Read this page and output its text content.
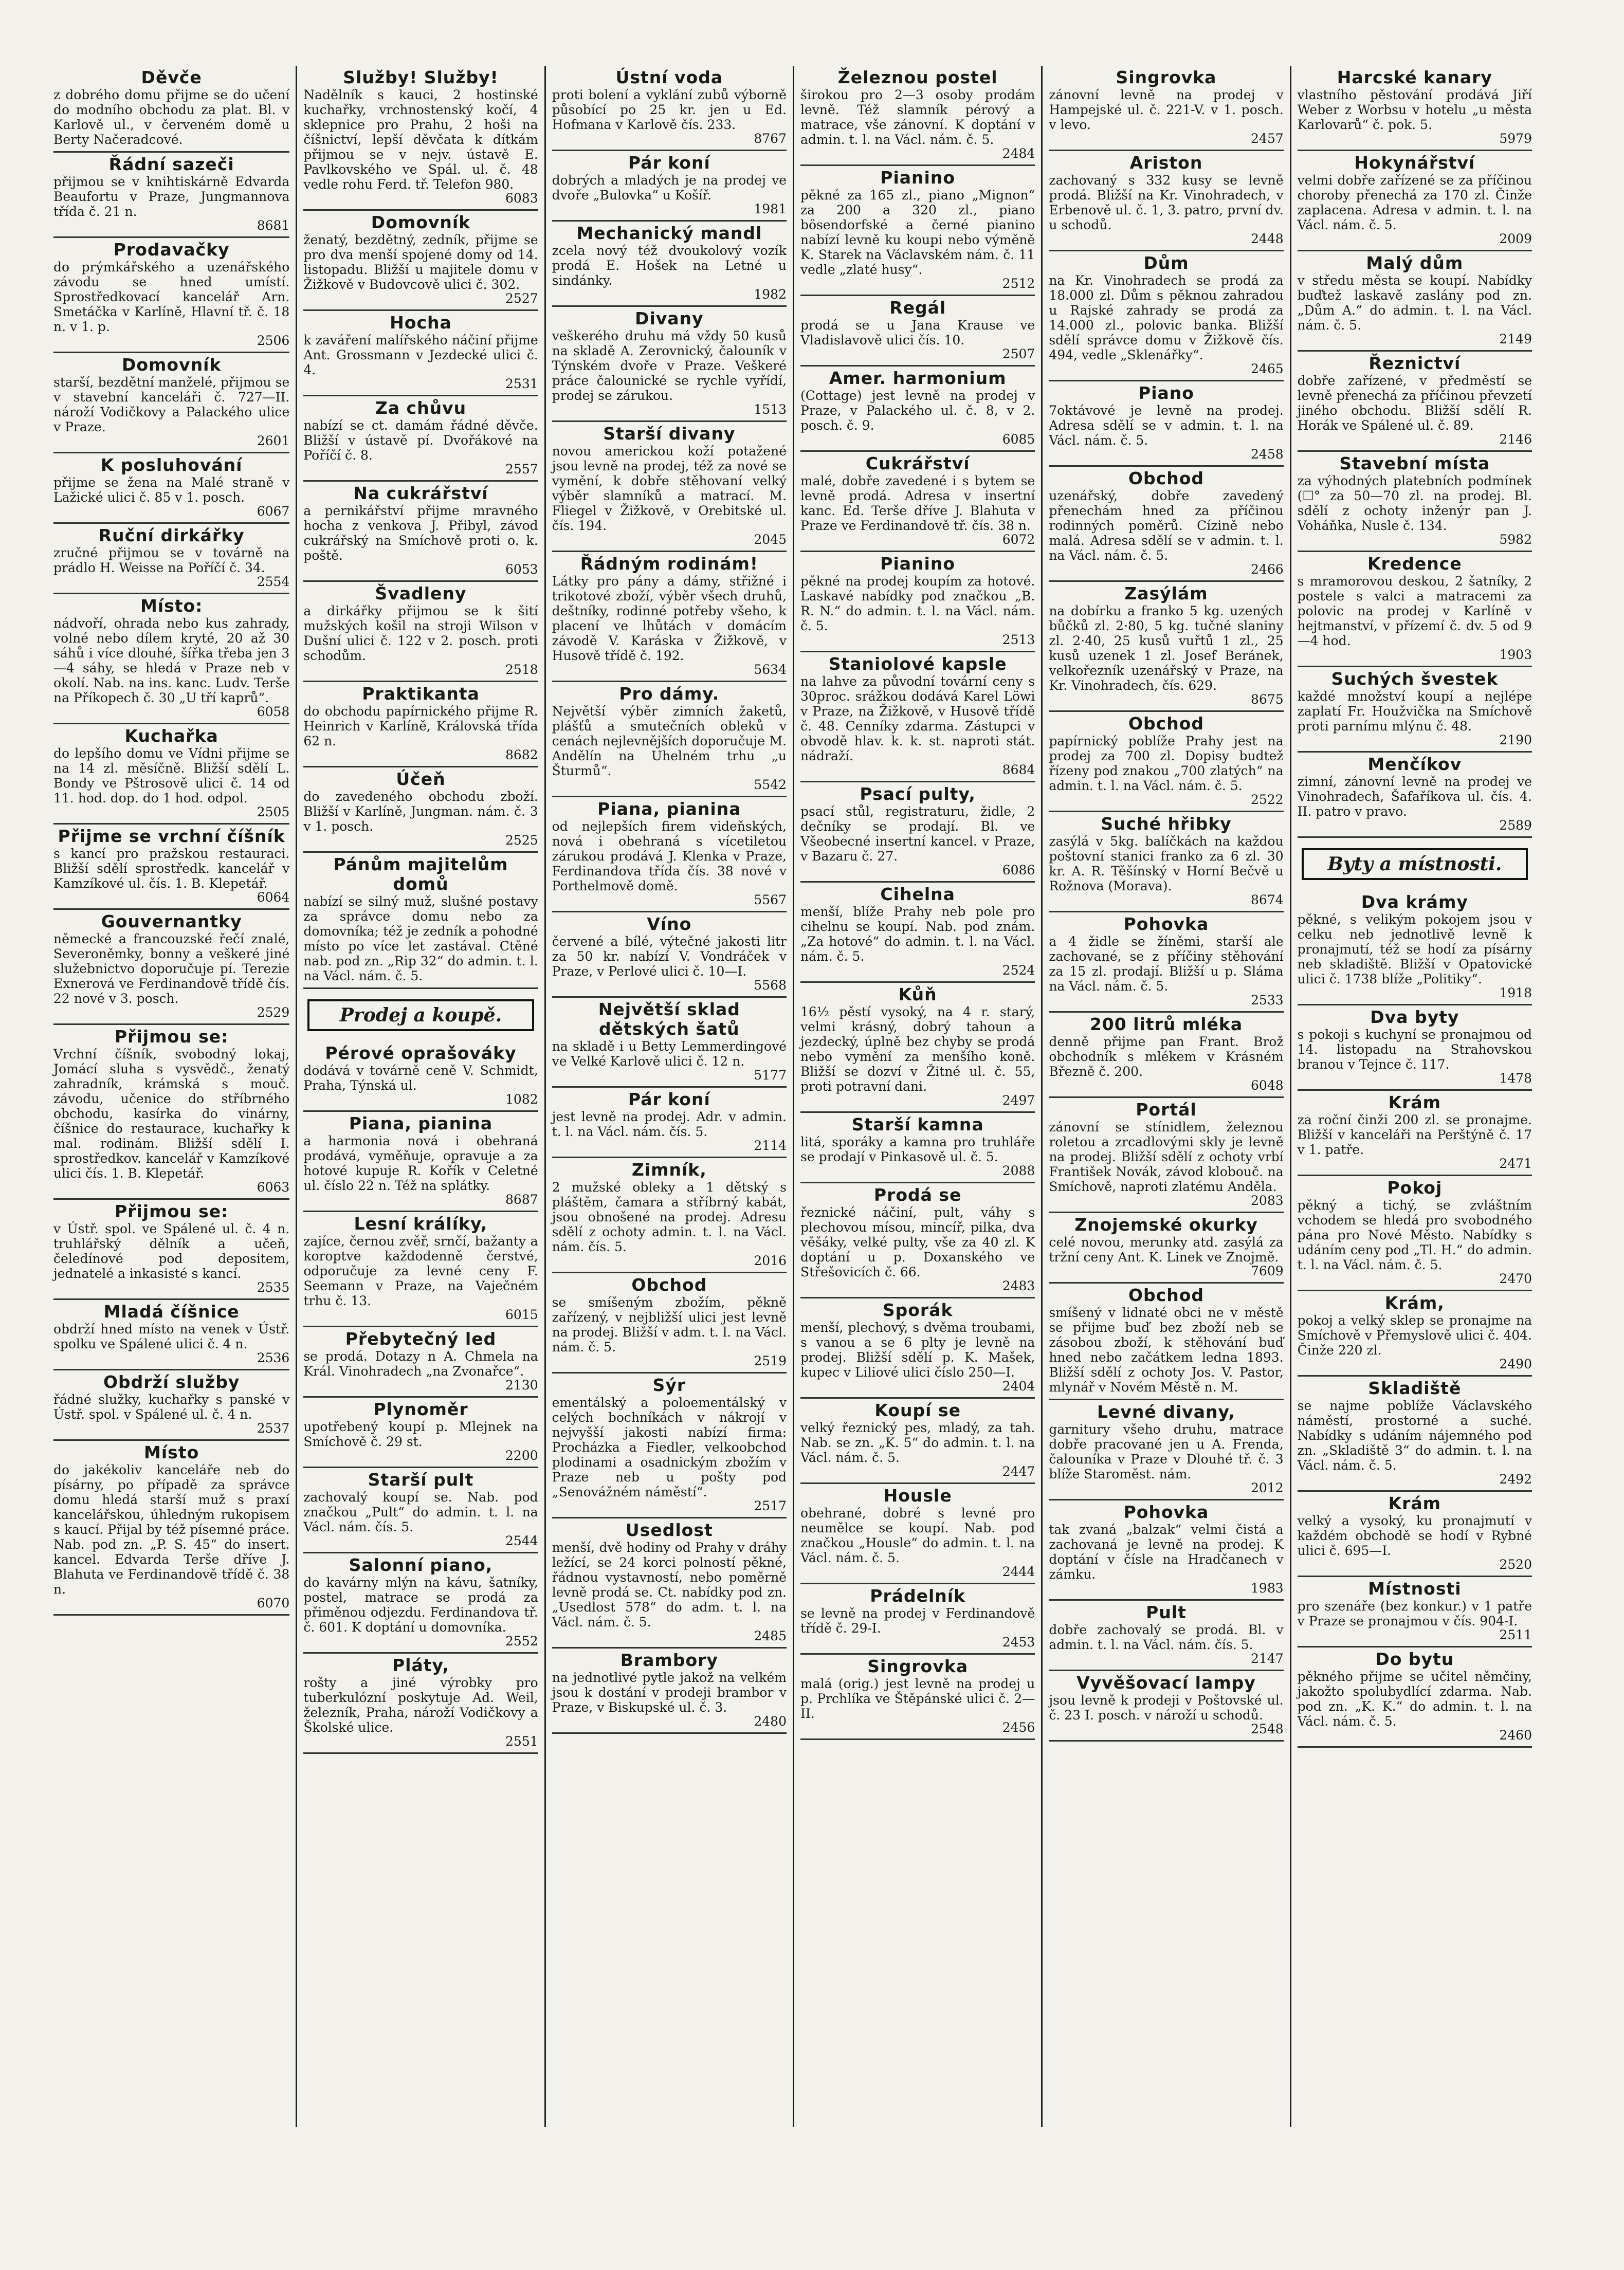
Děvče
z dobrého domu přijme se do učení do modního obchodu za plat. Bl. v Karlově ul., v červeném domě u Berty Načeradcové.
Řádní sazeči
přijmou se v knihtiskárně Edvarda Beaufortu v Praze, Jungmannova třída č. 21 n.
8681
Prodavačky
do prýmkářského a uzenářského závodu se hned umístí. Sprostředkovací kancelář Arn. Smetáčka v Karlíně, Hlavní tř. č. 18 n. v 1. p.
2506
Domovník
starší, bezdětní manželé, přijmou se v stavební kanceláři č. 727—II. nároží Vodičkovy a Palackého ulice v Praze.
2601
K posluhování
přijme se žena na Malé straně v Lažické ulici č. 85 v 1. posch.
6067
Ruční dirkářky
zručné přijmou se v továrně na prádlo H. Weisse na Poříčí č. 34.
2554
Místo:
nádvoří, ohrada nebo kus zahrady, volné nebo dílem kryté, 20 až 30 sáhů i více dlouhé, šířka třeba jen 3—4 sáhy, se hledá v Praze neb v okolí. Nab. na ins. kanc. Ludv. Terše na Příkopech č. 30 „U tří kaprů“.
6058
Kuchařka
do lepšího domu ve Vídni přijme se na 14 zl. měsíčně. Bližší sdělí L. Bondy ve Pštrosově ulici č. 14 od 11. hod. dop. do 1 hod. odpol.
2505
Přijme se vrchní číšník
s kancí pro pražskou restauraci. Bližší sdělí sprostředk. kancelář v Kamzíkové ul. čís. 1. B. Klepetář.
6064
Gouvernantky
německé a francouzské řečí znalé, Severoněmky, bonny a veškeré jiné služebnictvo doporučuje pí. Terezie Exnerová ve Ferdinandově třídě čís. 22 nové v 3. posch.
2529
Přijmou se:
Vrchní číšník, svobodný lokaj, Jomácí sluha s vysvědč., ženatý zahradník, krámská s mouč. závodu, učenice do stříbrného obchodu, kasírka do vinárny, číšnice do restaurace, kuchařky k mal. rodinám. Bližší sdělí I. sprostředkov. kancelář v Kamzíkové ulici čís. 1. B. Klepetář.
6063
Přijmou se:
v Ústř. spol. ve Spálené ul. č. 4 n. truhlářský dělník a učeň, čeledínové pod depositem, jednatelé a inkasisté s kancí.
2535
Mladá číšnice
obdrží hned místo na venek v Ústř. spolku ve Spálené ulici č. 4 n.
2536
Obdrží služby
řádné služky, kuchařky s panské v Ústř. spol. v Spálené ul. č. 4 n.
2537
Místo
do jakékoliv kanceláře neb do písárny, po případě za správce domu hledá starší muž s praxí kancelářskou, úhledným rukopisem s kaucí. Přijal by též písemné práce. Nab. pod zn. „P. S. 45“ do insert. kancel. Edvarda Terše dříve J. Blahuta ve Ferdinandově třídě č. 38 n.
6070
Služby! Služby!
Nadělník s kauci, 2 hostinské kuchařky, vrchnostenský kočí, 4 sklepnice pro Prahu, 2 hoši na číšnictví, lepší děvčata k dítkám přijmou se v nejv. ústavě E. Pavlkovského ve Spál. ul. č. 48 vedle rohu Ferd. tř. Telefon 980.
6083
Domovník
ženatý, bezdětný, zedník, přijme se pro dva menší spojené domy od 14. listopadu. Bližší u majitele domu v Žižkově v Budovcově ulici č. 302.
2527
Hocha
k zaváření malířského náčiní přijme Ant. Grossmann v Jezdecké ulici č. 4.
2531
Za chůvu
nabízí se ct. damám řádné děvče. Bližší v ústavě pí. Dvořákové na Poříčí č. 8.
2557
Na cukrářství
a pernikářství přijme mravného hocha z venkova J. Přibyl, závod cukrářský na Smíchově proti o. k. poště.
6053
Švadleny
a dirkářky přijmou se k šití mužských košil na stroji Wilson v Dušní ulici č. 122 v 2. posch. proti schodům.
2518
Praktikanta
do obchodu papírnického přijme R. Heinrich v Karlíně, Královská třída 62 n.
8682
Účeň
do zavedeného obchodu zboží. Bližší v Karlíně, Jungman. nám. č. 3 v 1. posch.
2525
Pánům majitelům domů
nabízí se silný muž, slušné postavy za správce domu nebo za domovníka; též je zedník a pohodné místo po více let zastával. Ctěné nab. pod zn. „Rip 32“ do admin. t. l. na Václ. nám. č. 5.
Prodej a koupě.
Pérové oprašováky
dodává v továrně ceně V. Schmidt, Praha, Týnská ul.
1082
Piana, pianina
a harmonia nová i obehraná prodává, vyměňuje, opravuje a za hotové kupuje R. Kořík v Celetné ul. číslo 22 n. Též na splátky.
8687
Lesní králíky,
zajíce, černou zvěř, srnčí, bažanty a koroptve každodenně čerstvé, odporučuje za levné ceny F. Seemann v Praze, na Vaječném trhu č. 13.
6015
Přebytečný led
se prodá. Dotazy n A. Chmela na Král. Vinohradech „na Zvonařce“.
2130
Plynoměr
upotřebený koupí p. Mlejnek na Smíchově č. 29 st.
2200
Starší pult
zachovalý koupí se. Nab. pod značkou „Pult“ do admin. t. l. na Václ. nám. čís. 5.
2544
Salonní piano,
do kavárny mlýn na kávu, šatníky, postel, matrace se prodá za přiměnou odjezdu. Ferdinandova tř. č. 601. K doptání u domovníka.
2552
Pláty,
rošty a jiné výrobky pro tuberkulózní poskytuje Ad. Weil, železník, Praha, nároží Vodičkovy a Školské ulice.
2551
Ústní voda
proti bolení a vyklání zubů výborně působící po 25 kr. jen u Ed. Hofmana v Karlově čís. 233.
8767
Pár koní
dobrých a mladých je na prodej ve dvoře „Bulovka“ u Košíř.
1981
Mechanický mandl
zcela nový též dvoukolový vozík prodá E. Hošek na Letné u sindánky.
1982
Divany
veškerého druhu má vždy 50 kusů na skladě A. Zerovnický, čalouník v Týnském dvoře v Praze. Veškeré práce čalounické se rychle vyřídí, prodej se zárukou.
1513
Starší divany
novou americkou koží potažené jsou levně na prodej, též za nové se vymění, k dobře stěhovaní velký výběr slamníků a matrací. M. Fliegel v Žižkově, v Orebitské ul. čís. 194.
2045
Řádným rodinám!
Látky pro pány a dámy, střižné i trikotové zboží, výběr všech druhů, deštníky, rodinné potřeby všeho, k placení ve lhůtách v domácím závodě V. Karáska v Žižkově, v Husově třídě č. 192.
5634
Pro dámy.
Největší výběr zimních žaketů, plášťů a smutečních obleků v cenách nejlevnějších doporučuje M. Andělín na Uhelném trhu „u Šturmů“.
5542
Piana, pianina
od nejlepších firem videňských, nová i obehraná s vícetiletou zárukou prodává J. Klenka v Praze, Ferdinandova třída čís. 38 nové v Porthelmově domě.
5567
Víno
červené a bílé, výtečné jakosti litr za 50 kr. nabízí V. Vondráček v Praze, v Perlové ulici č. 10—I.
5568
Největší sklad dětských šatů
na skladě i u Betty Lemmerdingové ve Velké Karlově ulici č. 12 n.
5177
Pár koní
jest levně na prodej. Adr. v admin. t. l. na Václ. nám. čís. 5.
2114
Zimník,
2 mužské obleky a 1 dětský s pláštěm, čamara a stříbrný kabát, jsou obnošené na prodej. Adresu sdělí z ochoty admin. t. l. na Václ. nám. čís. 5.
2016
Obchod
se smíšeným zbožím, pěkně zařízený, v nejbližší ulici jest levně na prodej. Bližší v adm. t. l. na Václ. nám. č. 5.
2519
Sýr
ementálský a poloementálský v celých bochníkách v nákrojí v nejvyšší jakosti nabízí firma: Procházka a Fiedler, velkoobchod plodinami a osadnickým zbožím v Praze neb u pošty pod „Senovážném náměstí“.
2517
Usedlost
menší, dvě hodiny od Prahy v dráhy ležící, se 24 korci polností pěkné, řádnou vystavností, nebo poměrně levně prodá se. Ct. nabídky pod zn. „Usedlost 578“ do adm. t. l. na Václ. nám. č. 5.
2485
Brambory
na jednotlivé pytle jakož na velkém jsou k dostání v prodeji brambor v Praze, v Biskupské ul. č. 3.
2480
Železnou postel
širokou pro 2—3 osoby prodám levně. Též slamník pérový a matrace, vše zánovní. K doptání v admin. t. l. na Václ. nám. č. 5.
2484
Pianino
pěkné za 165 zl., piano „Mignon“ za 200 a 320 zl., piano bösendorfské a černé pianino nabízí levně ku koupi nebo výměně K. Starek na Václavském nám. č. 11 vedle „zlaté husy“.
2512
Regál
prodá se u Jana Krause ve Vladislavově ulici čís. 10.
2507
Amer. harmonium
(Cottage) jest levně na prodej v Praze, v Palackého ul. č. 8, v 2. posch. č. 9.
6085
Cukrářství
malé, dobře zavedené i s bytem se levně prodá. Adresa v insertní kanc. Ed. Terše dříve J. Blahuta v Praze ve Ferdinandově tř. čís. 38 n.
6072
Pianino
pěkné na prodej koupím za hotové. Laskavé nabídky pod značkou „B. R. N.“ do admin. t. l. na Václ. nám. č. 5.
2513
Staniolové kapsle
na lahve za původní tovární ceny s 30proc. srážkou dodává Karel Löwi v Praze, na Žižkově, v Husově třídě č. 48. Cenníky zdarma. Zástupci v obvodě hlav. k. k. st. naproti stát. nádraží.
8684
Psací pulty,
psací stůl, registraturu, židle, 2 dečníky se prodají. Bl. ve Všeobecné insertní kancel. v Praze, v Bazaru č. 27.
6086
Cihelna
menší, blíže Prahy neb pole pro cihelnu se koupí. Nab. pod znám. „Za hotové“ do admin. t. l. na Václ. nám. č. 5.
2524
Kůň
16½ pěstí vysoký, na 4 r. starý, velmi krásný, dobrý tahoun a jezdecký, úplně bez chyby se prodá nebo vymění za menšího koně. Bližší se dozví v Žitné ul. č. 55, proti potravní dani.
2497
Starší kamna
litá, sporáky a kamna pro truhláře se prodají v Pinkasově ul. č. 5.
2088
Prodá se
řeznické náčiní, pult, váhy s plechovou mísou, mincíř, pilka, dva věšáky, velké pulty, vše za 40 zl. K doptání u p. Doxanského ve Střešovicích č. 66.
2483
Sporák
menší, plechový, s dvěma troubami, s vanou a se 6 plty je levně na prodej. Bližší sdělí p. K. Mašek, kupec v Liliové ulici číslo 250—I.
2404
Koupí se
velký řeznický pes, mladý, za tah. Nab. se zn. „K. 5“ do admin. t. l. na Václ. nám. č. 5.
2447
Housle
obehrané, dobré s levné pro neumělce se koupí. Nab. pod značkou „Housle“ do admin. t. l. na Václ. nám. č. 5.
2444
Prádelník
se levně na prodej v Ferdinandově třídě č. 29-I.
2453
Singrovka
malá (orig.) jest levně na prodej u p. Prchlíka ve Štěpánské ulici č. 2—II.
2456
Singrovka
zánovní levně na prodej v Hampejské ul. č. 221-V. v 1. posch. v levo.
2457
Ariston
zachovaný s 332 kusy se levně prodá. Bližší na Kr. Vinohradech, v Erbenově ul. č. 1, 3. patro, první dv. u schodů.
2448
Dům
na Kr. Vinohradech se prodá za 18.000 zl. Dům s pěknou zahradou u Rajské zahrady se prodá za 14.000 zl., polovic banka. Bližší sdělí správce domu v Žižkově čís. 494, vedle „Sklenářky“.
2465
Piano
7oktávové je levně na prodej. Adresa sdělí se v admin. t. l. na Václ. nám. č. 5.
2458
Obchod
uzenářský, dobře zavedený přenechám hned za příčinou rodinných poměrů. Cízině nebo malá. Adresa sdělí se v admin. t. l. na Václ. nám. č. 5.
2466
Zasýlám
na dobírku a franko 5 kg. uzených bůčků zl. 2·80, 5 kg. tučné slaniny zl. 2·40, 25 kusů vuřtů 1 zl., 25 kusů uzenek 1 zl. Josef Beránek, velkořezník uzenářský v Praze, na Kr. Vinohradech, čís. 629.
8675
Obchod
papírnický poblíže Prahy jest na prodej za 700 zl. Dopisy budtež řízeny pod znakou „700 zlatých“ na admin. t. l. na Václ. nám. č. 5.
2522
Suché hřibky
zasýlá v 5kg. balíčkách na každou poštovní stanici franko za 6 zl. 30 kr. A. R. Těšínský v Horní Bečvě u Rožnova (Morava).
8674
Pohovka
a 4 židle se žíněmi, starší ale zachované, se z příčiny stěhování za 15 zl. prodají. Bližší u p. Sláma na Václ. nám. č. 5.
2533
200 litrů mléka
denně přijme pan Frant. Brož obchodník s mlékem v Krásném Březně č. 200.
6048
Portál
zánovní se stínidlem, železnou roletou a zrcadlovými skly je levně na prodej. Bližší sdělí z ochoty vrbí František Novák, závod klobouč. na Smíchově, naproti zlatému Anděla.
2083
Znojemské okurky
celé novou, merunky atd. zasýlá za tržní ceny Ant. K. Linek ve Znojmě.
7609
Obchod
smíšený v lidnaté obci ne v městě se přijme buď bez zboží neb se zásobou zboží, k stěhování buď hned nebo začátkem ledna 1893. Bližší sdělí z ochoty Jos. V. Pastor, mlynář v Novém Městě n. M.
Levné divany,
garnitury všeho druhu, matrace dobře pracované jen u A. Frenda, čalouníka v Praze v Dlouhé tř. č. 3 blíže Staroměst. nám.
2012
Pohovka
tak zvaná „balzak“ velmi čistá a zachovaná je levně na prodej. K doptání v čísle na Hradčanech v zámku.
1983
Pult
dobře zachovalý se prodá. Bl. v admin. t. l. na Václ. nám. čís. 5.
2147
Vyvěšovací lampy
jsou levně k prodeji v Poštovské ul. č. 23 I. posch. v nároží u schodů.
2548
Harcské kanary
vlastního pěstování prodává Jiří Weber z Worbsu v hotelu „u města Karlovarů“ č. pok. 5.
5979
Hokynářství
velmi dobře zařízené se za příčinou choroby přenechá za 170 zl. Činže zaplacena. Adresa v admin. t. l. na Václ. nám. č. 5.
2009
Malý dům
v středu města se koupí. Nabídky buďtež laskavě zaslány pod zn. „Dům A.“ do admin. t. l. na Václ. nám. č. 5.
2149
Řeznictví
dobře zařízené, v předměstí se levně přenechá za příčinou převzetí jiného obchodu. Bližší sdělí R. Horák ve Spálené ul. č. 89.
2146
Stavební místa
za výhodných platebních podmínek (☐° za 50—70 zl. na prodej. Bl. sdělí z ochoty inženýr pan J. Voháňka, Nusle č. 134.
5982
Kredence
s mramorovou deskou, 2 šatníky, 2 postele s valci a matracemi za polovic na prodej v Karlíně v hejtmanství, v přízemí č. dv. 5 od 9—4 hod.
1903
Suchých švestek
každé množství koupí a nejlépe zaplatí Fr. Houžvička na Smíchově proti parnímu mlýnu č. 48.
2190
Menčíkov
zimní, zánovní levně na prodej ve Vinohradech, Šafaříkova ul. čís. 4. II. patro v pravo.
2589
Byty a místnosti.
Dva krámy
pěkné, s velikým pokojem jsou v celku neb jednotlivě levně k pronajmutí, též se hodí za písárny neb skladiště. Bližší v Opatovické ulici č. 1738 blíže „Politiky“.
1918
Dva byty
s pokoji s kuchyní se pronajmou od 14. listopadu na Strahovskou branou v Tejnce č. 117.
1478
Krám
za roční činži 200 zl. se pronajme. Bližší v kanceláři na Perštýně č. 17 v 1. patře.
2471
Pokoj
pěkný a tichý, se zvláštním vchodem se hledá pro svobodného pána pro Nové Město. Nabídky s udáním ceny pod „Tl. H.“ do admin. t. l. na Václ. nám. č. 5.
2470
Krám,
pokoj a velký sklep se pronajme na Smíchově v Přemyslově ulici č. 404. Činže 220 zl.
2490
Skladiště
se najme poblíže Václavského náměstí, prostorné a suché. Nabídky s udáním nájemného pod zn. „Skladiště 3“ do admin. t. l. na Václ. nám. č. 5.
2492
Krám
velký a vysoký, ku pronajmutí v každém obchodě se hodí v Rybné ulici č. 695—I.
2520
Místnosti
pro szenáře (bez konkur.) v 1 patře v Praze se pronajmou v čís. 904-I.
2511
Do bytu
pěkného přijme se učitel němčiny, jakožto spolubydlící zdarma. Nab. pod zn. „K. K.“ do admin. t. l. na Václ. nám. č. 5.
2460
